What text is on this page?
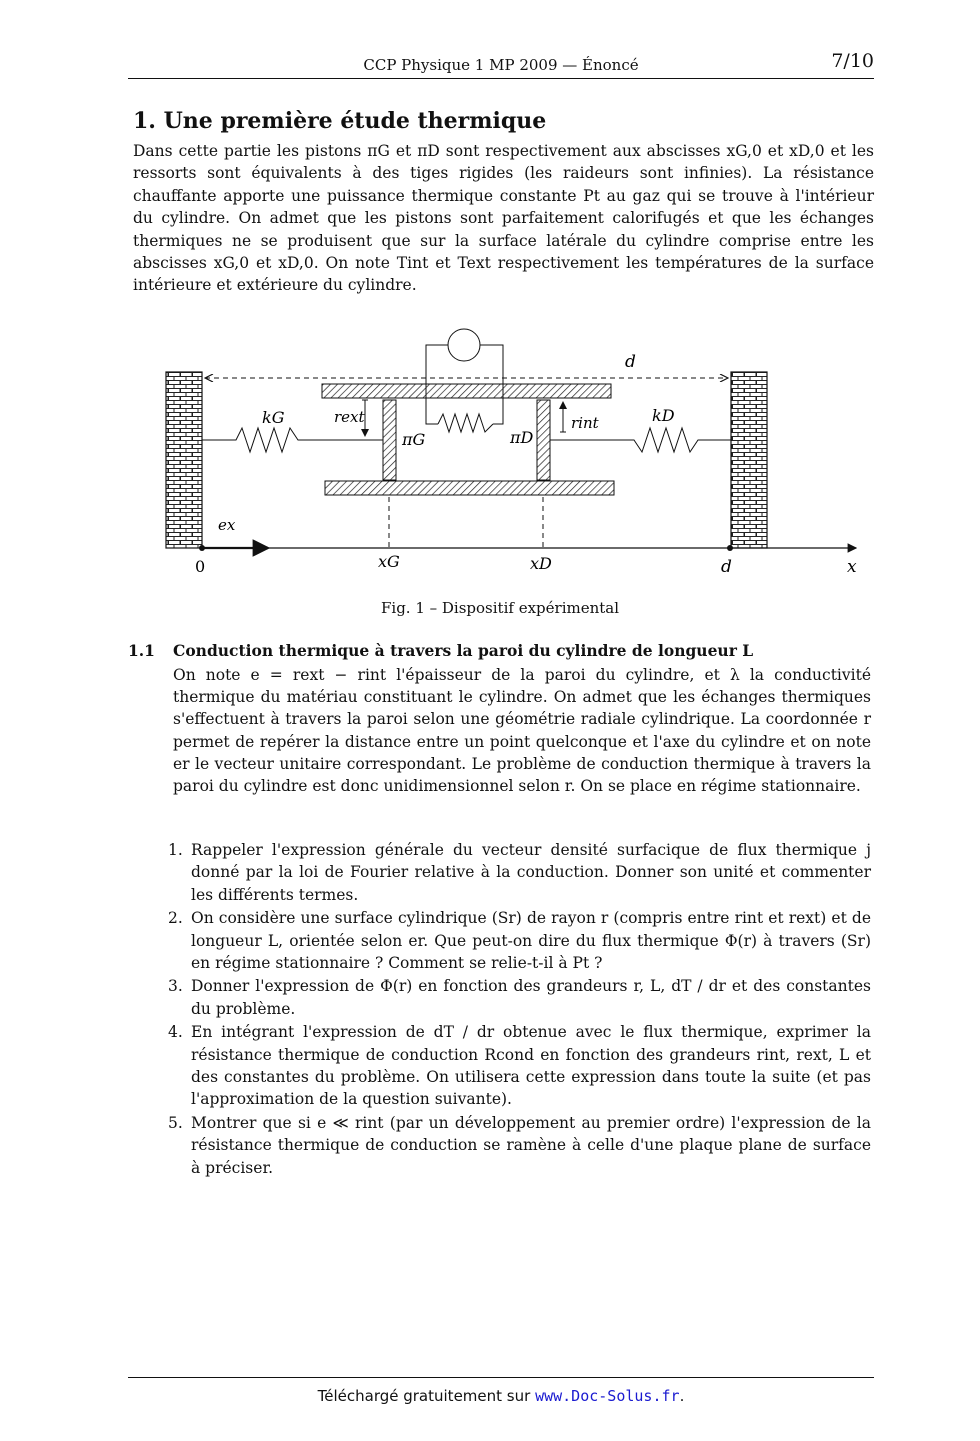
CCP Physique 1 MP 2009 — Énoncé	7/10
1. Une première étude thermique

Dans cette partie les pistons πG et πD sont respectivement aux abscisses xG,0 et xD,0 et les ressorts sont équivalents à des tiges rigides (les raideurs sont infinies). La résistance chauffante apporte une puissance thermique constante Pt au gaz qui se trouve à l'intérieur du cylindre. On admet que les pistons sont parfaitement calorifugés et que les échanges thermiques ne se produisent que sur la surface latérale du cylindre comprise entre les abscisses xG,0 et xD,0. On note Tint et Text respectivement les températures de la surface intérieure et extérieure du cylindre.

d
kG	kD
rext	rint
πG	πD
ex
0	xG	xD	d	x
Fig. 1 – Dispositif expérimental
1.1 Conduction thermique à travers la paroi du cylindre de longueur L

On note e = rext − rint l'épaisseur de la paroi du cylindre, et λ la conductivité thermique du matériau constituant le cylindre. On admet que les échanges thermiques s'effectuent à travers la paroi selon une géométrie radiale cylindrique. La coordonnée r permet de repérer la distance entre un point quelconque et l'axe du cylindre et on note er le vecteur unitaire correspondant. Le problème de conduction thermique à travers la paroi du cylindre est donc unidimensionnel selon r. On se place en régime stationnaire.

1. Rappeler l'expression générale du vecteur densité surfacique de flux thermique j donné par la loi de Fourier relative à la conduction. Donner son unité et commenter les différents termes.
2. On considère une surface cylindrique (Sr) de rayon r (compris entre rint et rext) et de longueur L, orientée selon er. Que peut-on dire du flux thermique Φ(r) à travers (Sr) en régime stationnaire ? Comment se relie-t-il à Pt ?
3. Donner l'expression de Φ(r) en fonction des grandeurs r, L, dT / dr et des constantes du problème.
4. En intégrant l'expression de dT / dr obtenue avec le flux thermique, exprimer la résistance thermique de conduction Rcond en fonction des grandeurs rint, rext, L et des constantes du problème. On utilisera cette expression dans toute la suite (et pas l'approximation de la question suivante).
5. Montrer que si e ≪ rint (par un développement au premier ordre) l'expression de la résistance thermique de conduction se ramène à celle d'une plaque plane de surface à préciser.
Téléchargé gratuitement sur www.Doc-Solus.fr.
